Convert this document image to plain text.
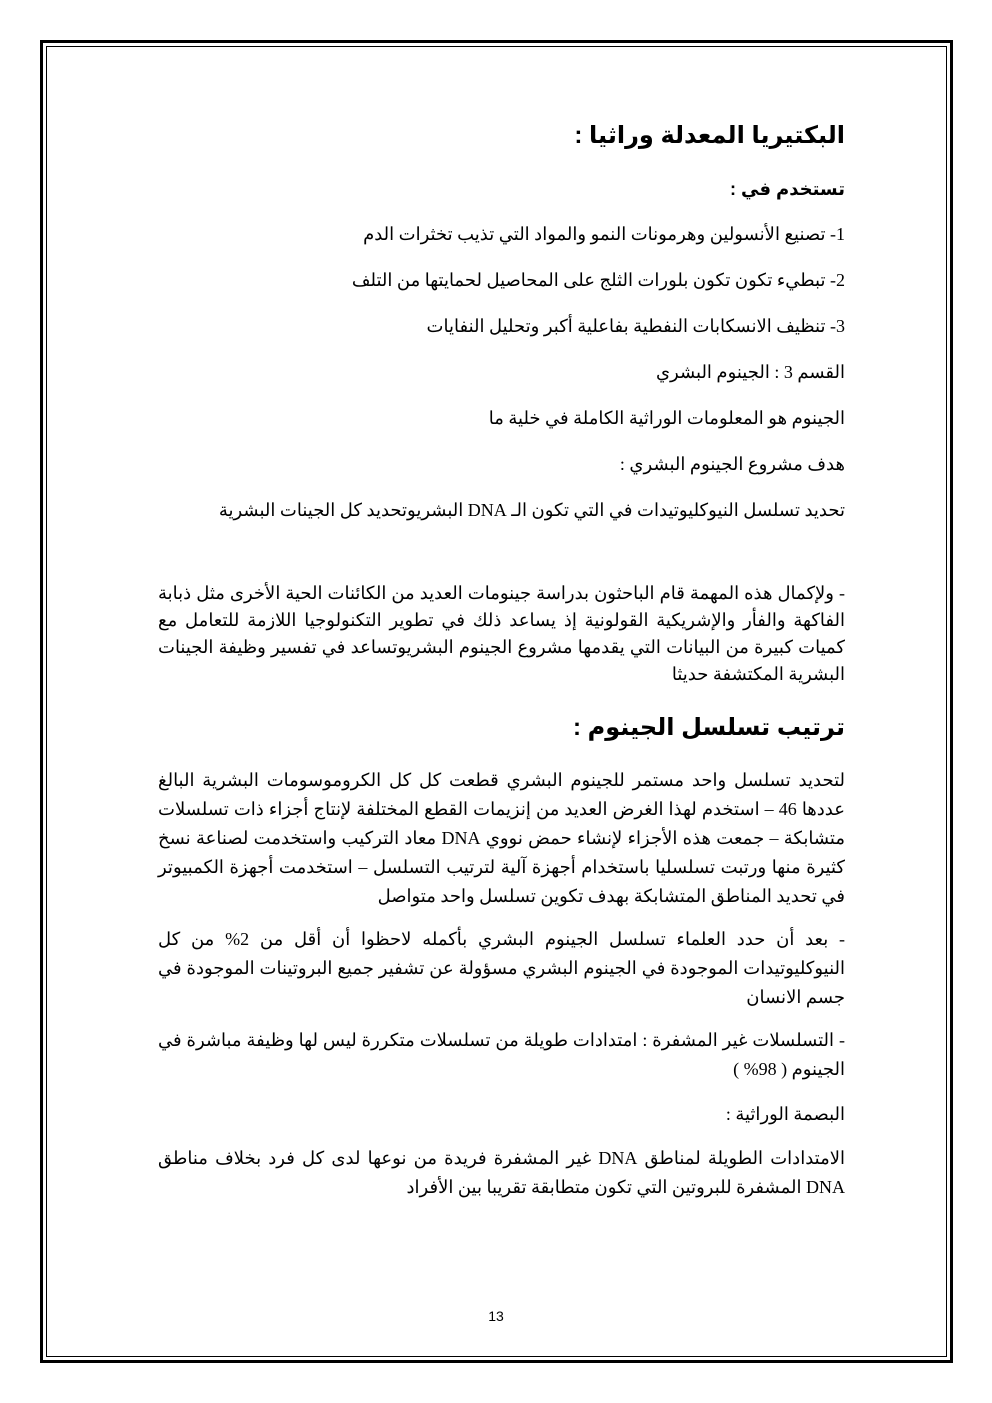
البكتيريا المعدلة وراثيا :

تستخدم في :

1- تصنيع الأنسولين وهرمونات النمو والمواد التي تذيب تخثرات الدم

2- تبطيء تكون تكون بلورات الثلج على المحاصيل لحمايتها من التلف

3- تنظيف الانسكابات النفطية بفاعلية أكبر وتحليل النفايات

القسم 3 : الجينوم البشري

الجينوم هو المعلومات الوراثية الكاملة في خلية ما

هدف مشروع الجينوم البشري :

تحديد تسلسل النيوكليوتيدات في التي تكون الـ DNA البشريوتحديد كل الجينات البشرية

- ولإكمال هذه المهمة قام الباحثون بدراسة جينومات العديد من الكائنات الحية الأخرى مثل ذبابة الفاكهة والفأر والإشريكية القولونية إذ يساعد ذلك في تطوير التكنولوجيا اللازمة للتعامل مع كميات كبيرة من البيانات التي يقدمها مشروع الجينوم البشريوتساعد في تفسير وظيفة الجينات البشرية المكتشفة حديثا

ترتيب تسلسل الجينوم :

لتحديد تسلسل واحد مستمر للجينوم البشري قطعت كل كل الكروموسومات البشرية البالغ عددها 46 – استخدم لهذا الغرض العديد من إنزيمات القطع المختلفة لإنتاج أجزاء ذات تسلسلات متشابكة – جمعت هذه الأجزاء لإنشاء حمض نووي DNA معاد التركيب واستخدمت لصناعة نسخ كثيرة منها ورتبت تسلسليا باستخدام أجهزة آلية لترتيب التسلسل – استخدمت أجهزة الكمبيوتر في تحديد المناطق المتشابكة بهدف تكوين تسلسل واحد متواصل

- بعد أن حدد العلماء تسلسل الجينوم البشري بأكمله لاحظوا أن أقل من 2% من كل النيوكليوتيدات الموجودة في الجينوم البشري مسؤولة عن تشفير جميع البروتينات الموجودة في جسم الانسان

- التسلسلات غير المشفرة : امتدادات طويلة من تسلسلات متكررة ليس لها وظيفة مباشرة في الجينوم ( 98% )

البصمة الوراثية :

الامتدادات الطويلة لمناطق DNA غير المشفرة فريدة من نوعها لدى كل فرد بخلاف مناطق DNA المشفرة للبروتين التي تكون متطابقة تقريبا بين الأفراد

13
